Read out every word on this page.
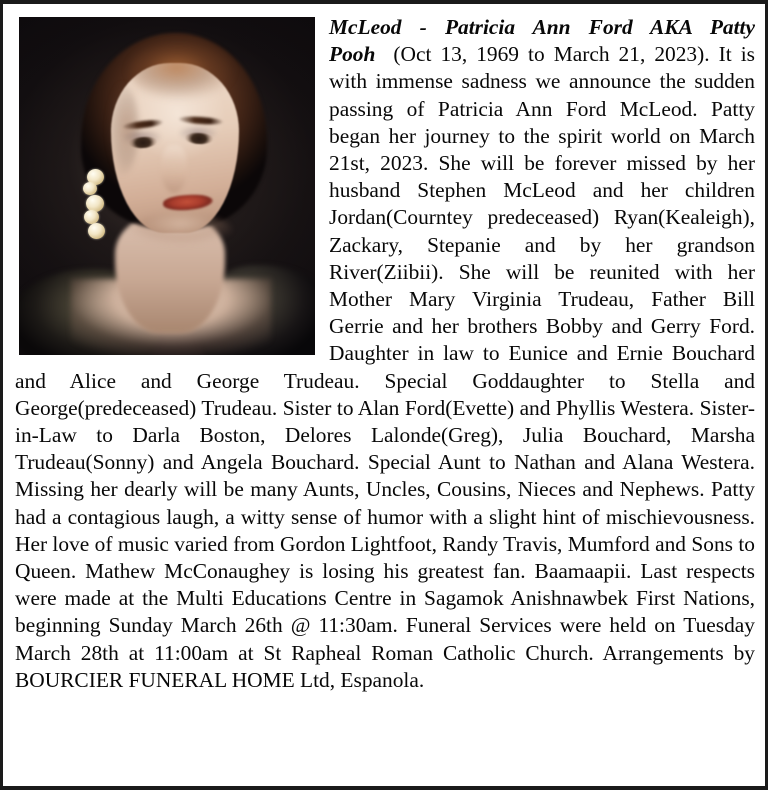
McLeod - Patricia Ann Ford AKA Patty Pooh (Oct 13, 1969 to March 21, 2023). It is with immense sadness we announce the sudden passing of Patricia Ann Ford McLeod. Patty began her journey to the spirit world on March 21st, 2023. She will be forever missed by her husband Stephen McLeod and her children Jordan(Courntey predeceased) Ryan(Kealeigh), Zackary, Stepanie and by her grandson River(Ziibii). She will be reunited with her Mother Mary Virginia Trudeau, Father Bill Gerrie and her brothers Bobby and Gerry Ford. Daughter in law to Eunice and Ernie Bouchard and Alice and George Trudeau. Special Goddaughter to Stella and George(predeceased) Trudeau. Sister to Alan Ford(Evette) and Phyllis Westera. Sister-in-Law to Darla Boston, Delores Lalonde(Greg), Julia Bouchard, Marsha Trudeau(Sonny) and Angela Bouchard. Special Aunt to Nathan and Alana Westera. Missing her dearly will be many Aunts, Uncles, Cousins, Nieces and Nephews. Patty had a contagious laugh, a witty sense of humor with a slight hint of mischievousness. Her love of music varied from Gordon Lightfoot, Randy Travis, Mumford and Sons to Queen. Mathew McConaughey is losing his greatest fan. Baamaapii. Last respects were made at the Multi Educations Centre in Sagamok Anishnawbek First Nations, beginning Sunday March 26th @ 11:30am. Funeral Services were held on Tuesday March 28th at 11:00am at St Rapheal Roman Catholic Church. Arrangements by BOURCIER FUNERAL HOME Ltd, Espanola.
